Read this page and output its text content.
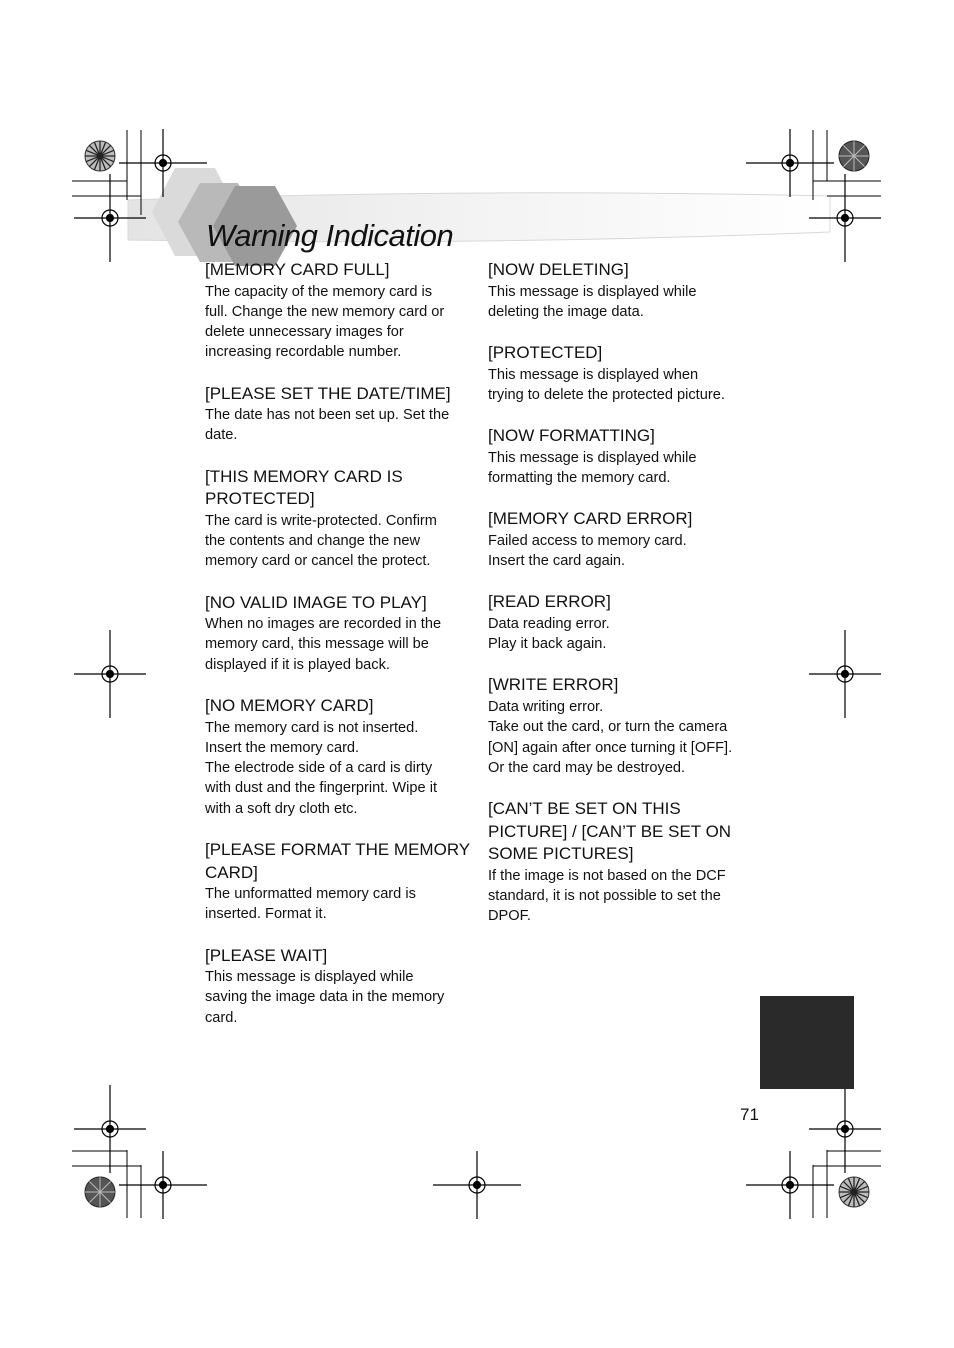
Warning Indication

[MEMORY CARD FULL]

The capacity of the memory card is
full. Change the new memory card or
delete unnecessary images for
increasing recordable number.

[PLEASE SET THE DATE/TIME]

The date has not been set up. Set the
date.

[THIS MEMORY CARD IS PROTECTED]

The card is write-protected. Confirm
the contents and change the new
memory card or cancel the protect.

[NO VALID IMAGE TO PLAY]

When no images are recorded in the
memory card, this message will be
displayed if it is played back.

[NO MEMORY CARD]

The memory card is not inserted.
Insert the memory card.
The electrode side of a card is dirty
with dust and the fingerprint. Wipe it
with a soft dry cloth etc.

[PLEASE FORMAT THE MEMORY CARD]

The unformatted memory card is
inserted. Format it.

[PLEASE WAIT]

This message is displayed while
saving the image data in the memory
card.

[NOW DELETING]

This message is displayed while
deleting the image data.

[PROTECTED]

This message is displayed when
trying to delete the protected picture.

[NOW FORMATTING]

This message is displayed while
formatting the memory card.

[MEMORY CARD ERROR]

Failed access to memory card.
Insert the card again.

[READ ERROR]

Data reading error.
Play it back again.

[WRITE ERROR]

Data writing error.
Take out the card, or turn the camera
[ON] again after once turning it [OFF].
Or the card may be destroyed.

[CAN’T BE SET ON THIS PICTURE] / [CAN’T BE SET ON SOME PICTURES]

If the image is not based on the DCF
standard, it is not possible to set the
DPOF.
71
